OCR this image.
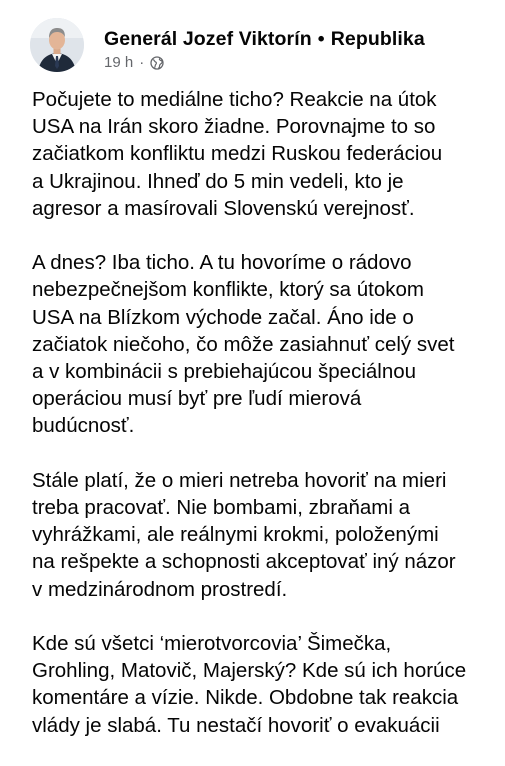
Generál Jozef Viktorín • Republika
19 h ·

Počujete to mediálne ticho? Reakcie na útok
USA na Irán skoro žiadne. Porovnajme to so
začiatkom konfliktu medzi Ruskou federáciou
a Ukrajinou. Ihneď do 5 min vedeli, kto je
agresor a masírovali Slovenskú verejnosť.

A dnes? Iba ticho. A tu hovoríme o rádovo
nebezpečnejšom konflikte, ktorý sa útokom
USA na Blízkom východe začal. Áno ide o
začiatok niečoho, čo môže zasiahnuť celý svet
a v kombinácii s prebiehajúcou špeciálnou
operáciou musí byť pre ľudí mierová
budúcnosť.

Stále platí, že o mieri netreba hovoriť na mieri
treba pracovať. Nie bombami, zbraňami a
vyhrážkami, ale reálnymi krokmi, položenými
na rešpekte a schopnosti akceptovať iný názor
v medzinárodnom prostredí.

Kde sú všetci ‘mierotvorcovia’ Šimečka,
Grohling, Matovič, Majerský? Kde sú ich horúce
komentáre a vízie. Nikde. Obdobne tak reakcia
vlády je slabá. Tu nestačí hovoriť o evakuácii
